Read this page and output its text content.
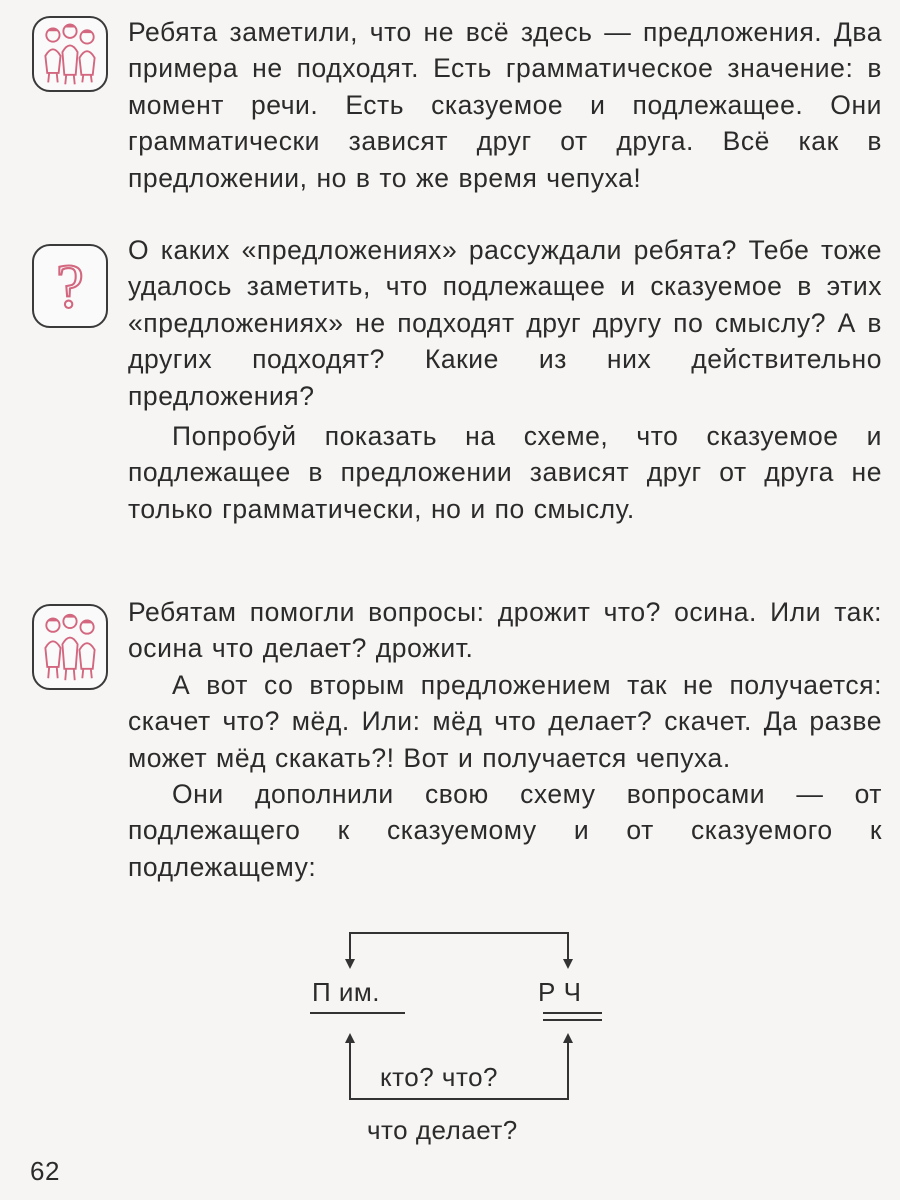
Ребята заметили, что не всё здесь — предложения. Два примера не подходят. Есть грамматическое значение: в момент речи. Есть сказуемое и подлежащее. Они грамматически зависят друг от друга. Всё как в предложении, но в то же время чепуха!

?

О каких «предложениях» рассуждали ребята? Тебе тоже удалось заметить, что подлежащее и сказуемое в этих «предложениях» не подходят друг другу по смыслу? А в других подходят? Какие из них действительно предложения?

Попробуй показать на схеме, что сказуемое и подлежащее в предложении зависят друг от друга не только грамматически, но и по смыслу.

Ребятам помогли вопросы: дрожит что? осина. Или так: осина что делает? дрожит.

А вот со вторым предложением так не получается: скачет что? мёд. Или: мёд что делает? скачет. Да разве может мёд скакать?! Вот и получается чепуха.

Они дополнили свою схему вопросами — от подлежащего к сказуемому и от сказуемого к подлежащему:

П им.	Р Ч
кто? что?
что делает?
62
